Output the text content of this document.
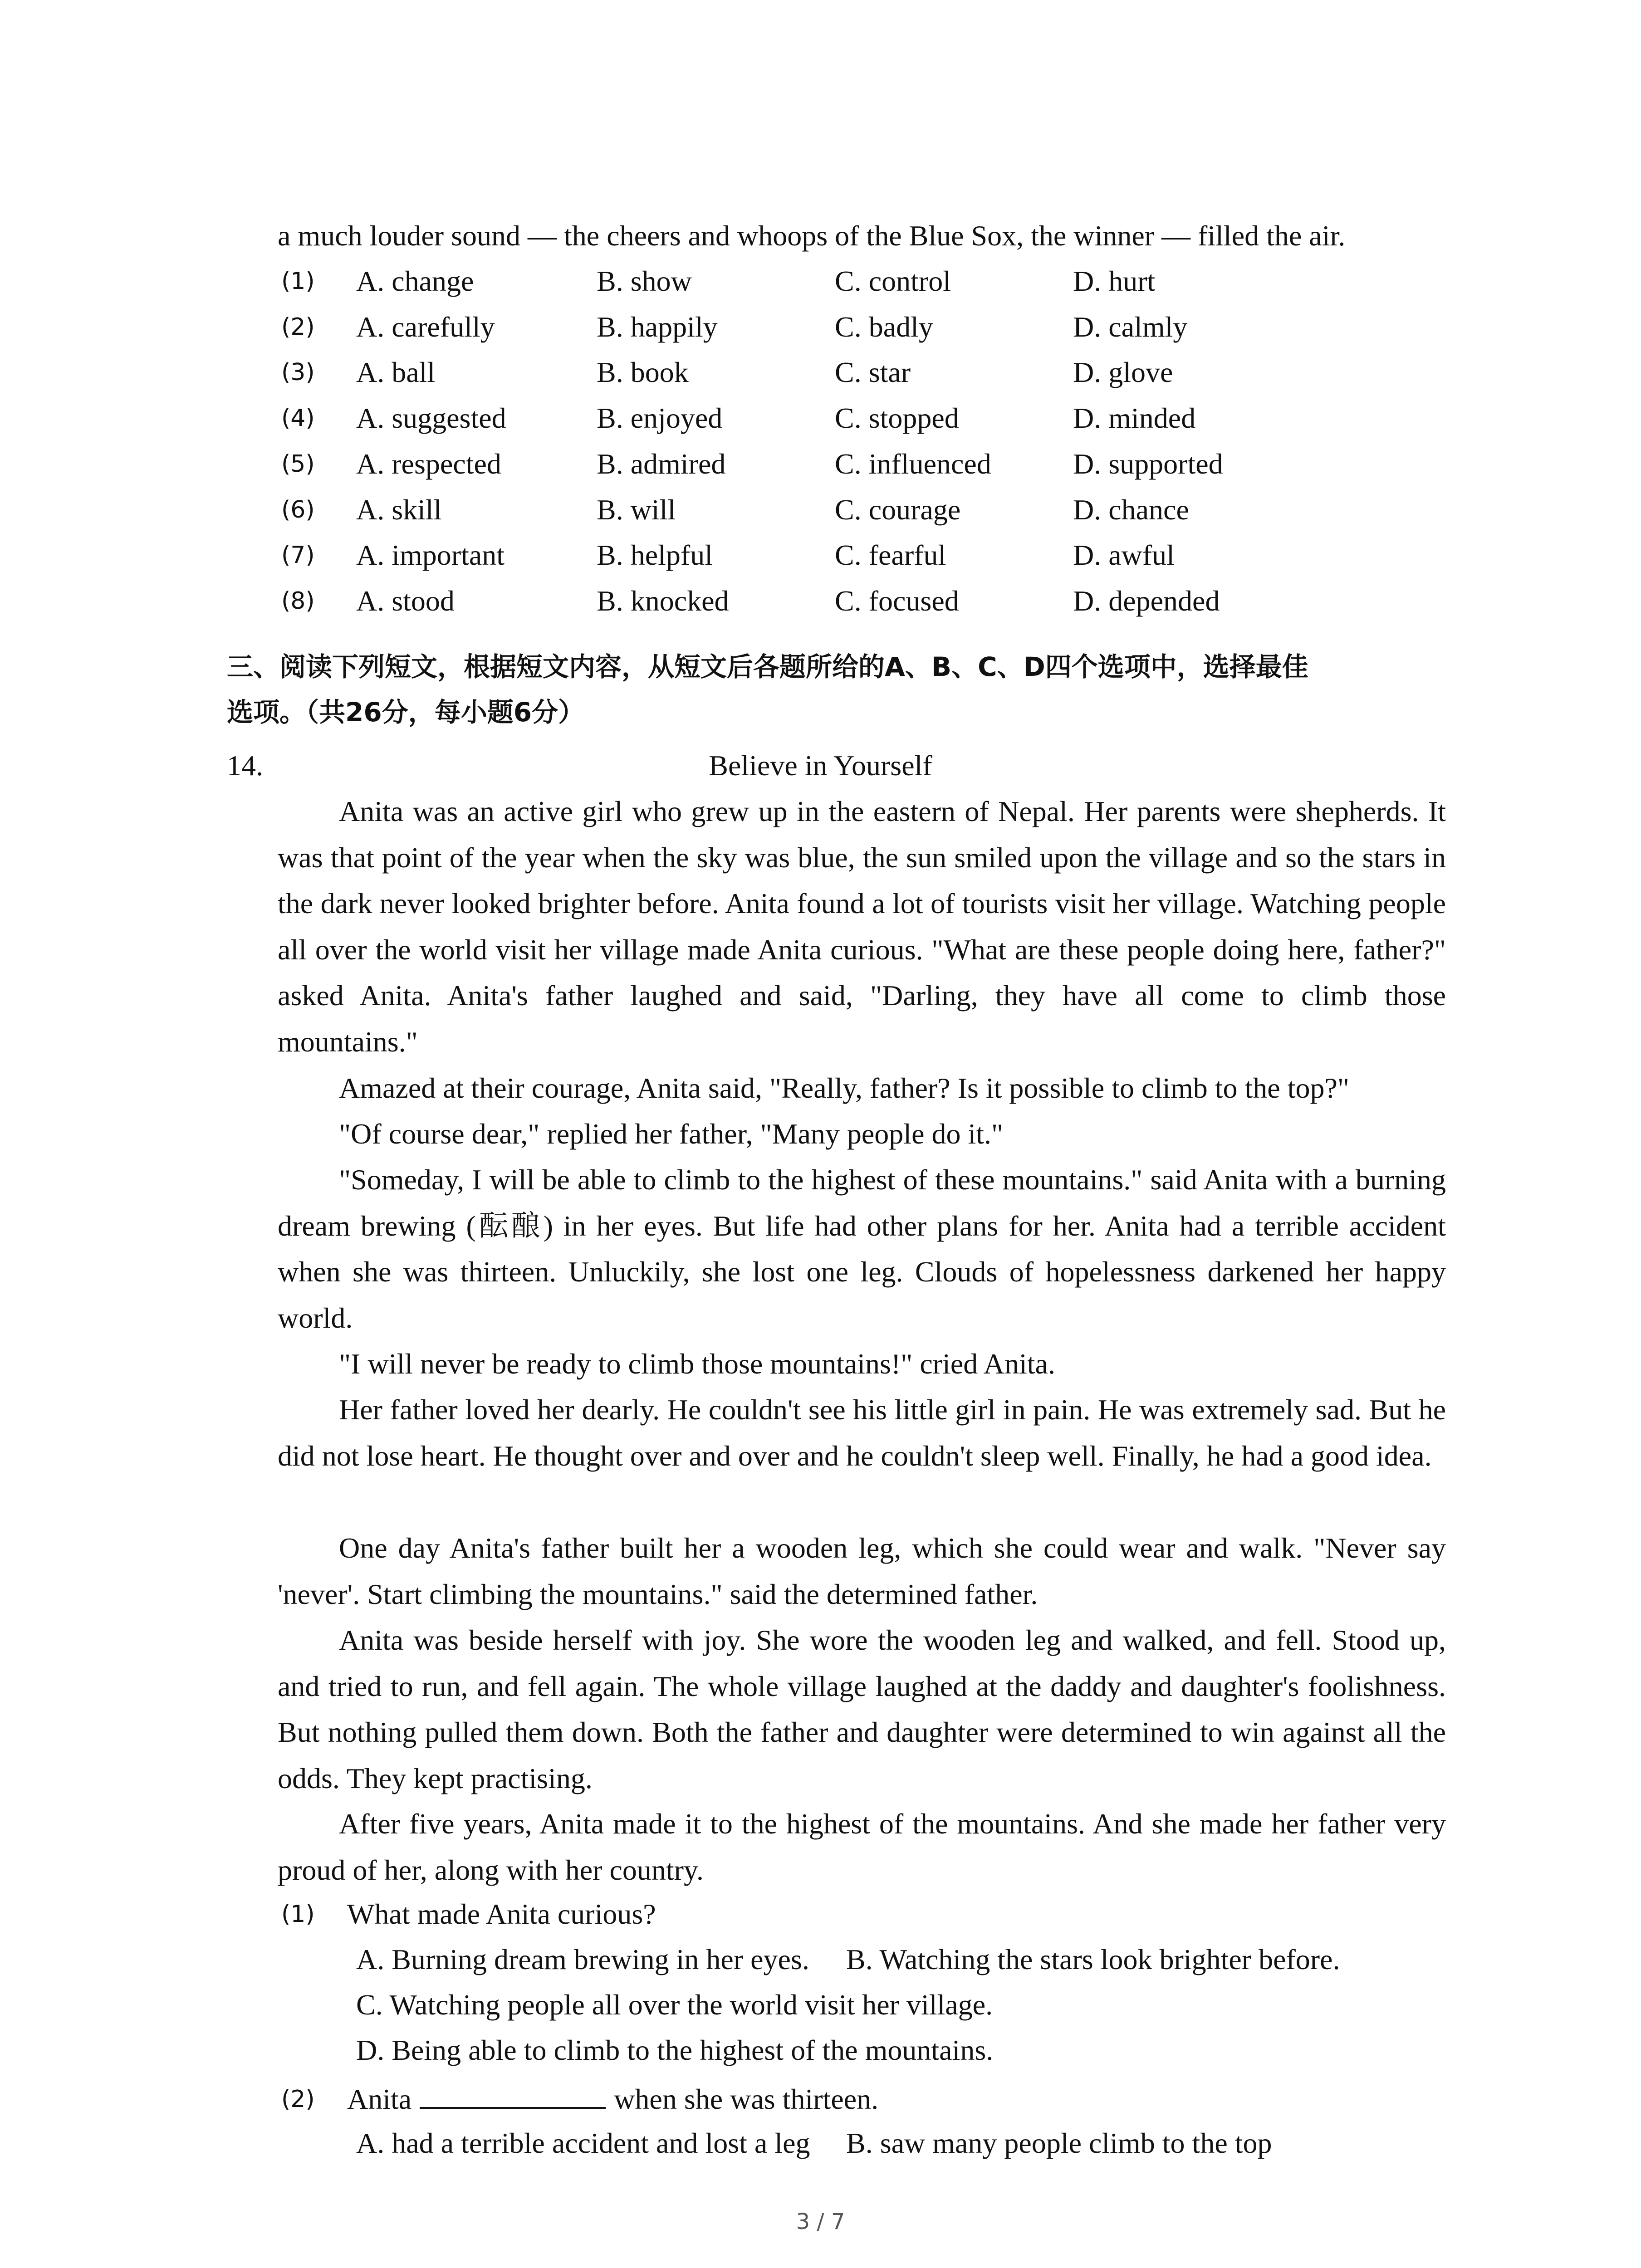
a much louder sound — the cheers and whoops of the Blue Sox, the winner — filled the air.
(1) A. change	B. show	C. control	D. hurt
(2) A. carefully	B. happily	C. badly	D. calmly
(3) A. ball	B. book	C. star	D. glove
(4) A. suggested	B. enjoyed	C. stopped	D. minded
(5) A. respected	B. admired	C. influenced	D. supported
(6) A. skill	B. will	C. courage	D. chance
(7) A. important	B. helpful	C. fearful	D. awful
(8) A. stood	B. knocked	C. focused	D. depended
三、阅读下列短文，根据短文内容，从短文后各题所给的A、B、C、D四个选项中，选择最佳
选项。（共26分，每小题6分）
14.	Believe in Yourself
Anita was an active girl who grew up in the eastern of Nepal. Her parents were shepherds. It was that point of the year when the sky was blue, the sun smiled upon the village and so the stars in the dark never looked brighter before. Anita found a lot of tourists visit her village. Watching people all over the world visit her village made Anita curious. "What are these people doing here, father?" asked Anita. Anita's father laughed and said, "Darling, they have all come to climb those mountains."
Amazed at their courage, Anita said, "Really, father? Is it possible to climb to the top?"
"Of course dear," replied her father, "Many people do it."
"Someday, I will be able to climb to the highest of these mountains." said Anita with a burning dream brewing (酝酿) in her eyes. But life had other plans for her. Anita had a terrible accident when she was thirteen. Unluckily, she lost one leg. Clouds of hopelessness darkened her happy world.
"I will never be ready to climb those mountains!" cried Anita.
Her father loved her dearly. He couldn't see his little girl in pain. He was extremely sad. But he did not lose heart. He thought over and over and he couldn't sleep well. Finally, he had a good idea.
One day Anita's father built her a wooden leg, which she could wear and walk. "Never say 'never'. Start climbing the mountains." said the determined father.
Anita was beside herself with joy. She wore the wooden leg and walked, and fell. Stood up, and tried to run, and fell again. The whole village laughed at the daddy and daughter's foolishness. But nothing pulled them down. Both the father and daughter were determined to win against all the odds. They kept practising.
After five years, Anita made it to the highest of the mountains. And she made her father very proud of her, along with her country.
(1) What made Anita curious?
A. Burning dream brewing in her eyes. B. Watching the stars look brighter before.
C. Watching people all over the world visit her village.
D. Being able to climb to the highest of the mountains.
(2) Anita	when she was thirteen.
A. had a terrible accident and lost a leg B. saw many people climb to the top
3 / 7
